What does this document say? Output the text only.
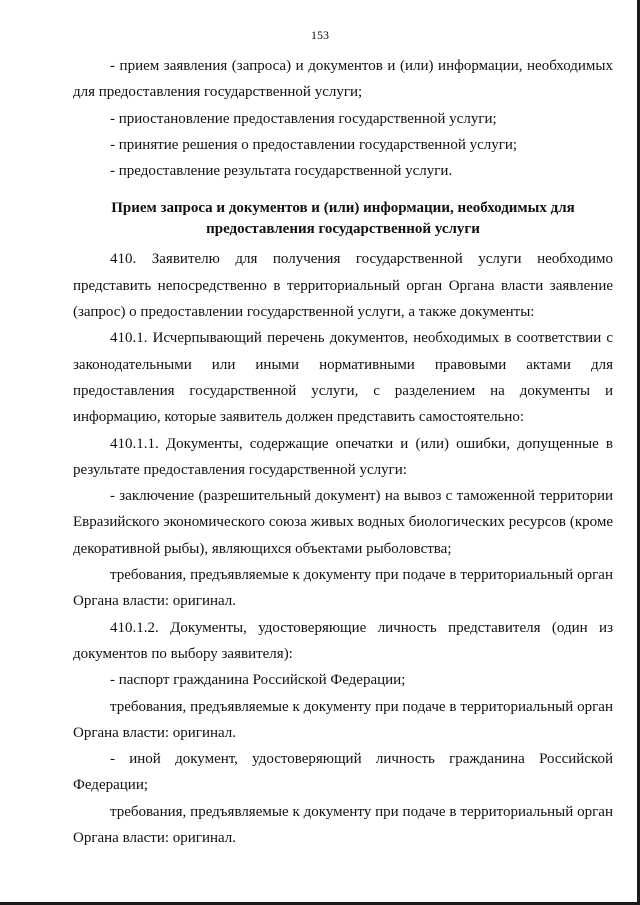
153

- прием заявления (запроса) и документов и (или) информации, необходимых для предоставления государственной услуги;

- приостановление предоставления государственной услуги;

- принятие решения о предоставлении государственной услуги;

- предоставление результата государственной услуги.

Прием запроса и документов и (или) информации, необходимых для предоставления государственной услуги

410. Заявителю для получения государственной услуги необходимо представить непосредственно в территориальный орган Органа власти заявление (запрос) о предоставлении государственной услуги, а также документы:

410.1. Исчерпывающий перечень документов, необходимых в соответствии с законодательными или иными нормативными правовыми актами для предоставления государственной услуги, с разделением на документы и информацию, которые заявитель должен представить самостоятельно:

410.1.1. Документы, содержащие опечатки и (или) ошибки, допущенные в результате предоставления государственной услуги:

- заключение (разрешительный документ) на вывоз с таможенной территории Евразийского экономического союза живых водных биологических ресурсов (кроме декоративной рыбы), являющихся объектами рыболовства;

требования, предъявляемые к документу при подаче в территориальный орган Органа власти: оригинал.

410.1.2. Документы, удостоверяющие личность представителя (один из документов по выбору заявителя):

- паспорт гражданина Российской Федерации;

требования, предъявляемые к документу при подаче в территориальный орган Органа власти: оригинал.

- иной документ, удостоверяющий личность гражданина Российской Федерации;

требования, предъявляемые к документу при подаче в территориальный орган Органа власти: оригинал.
